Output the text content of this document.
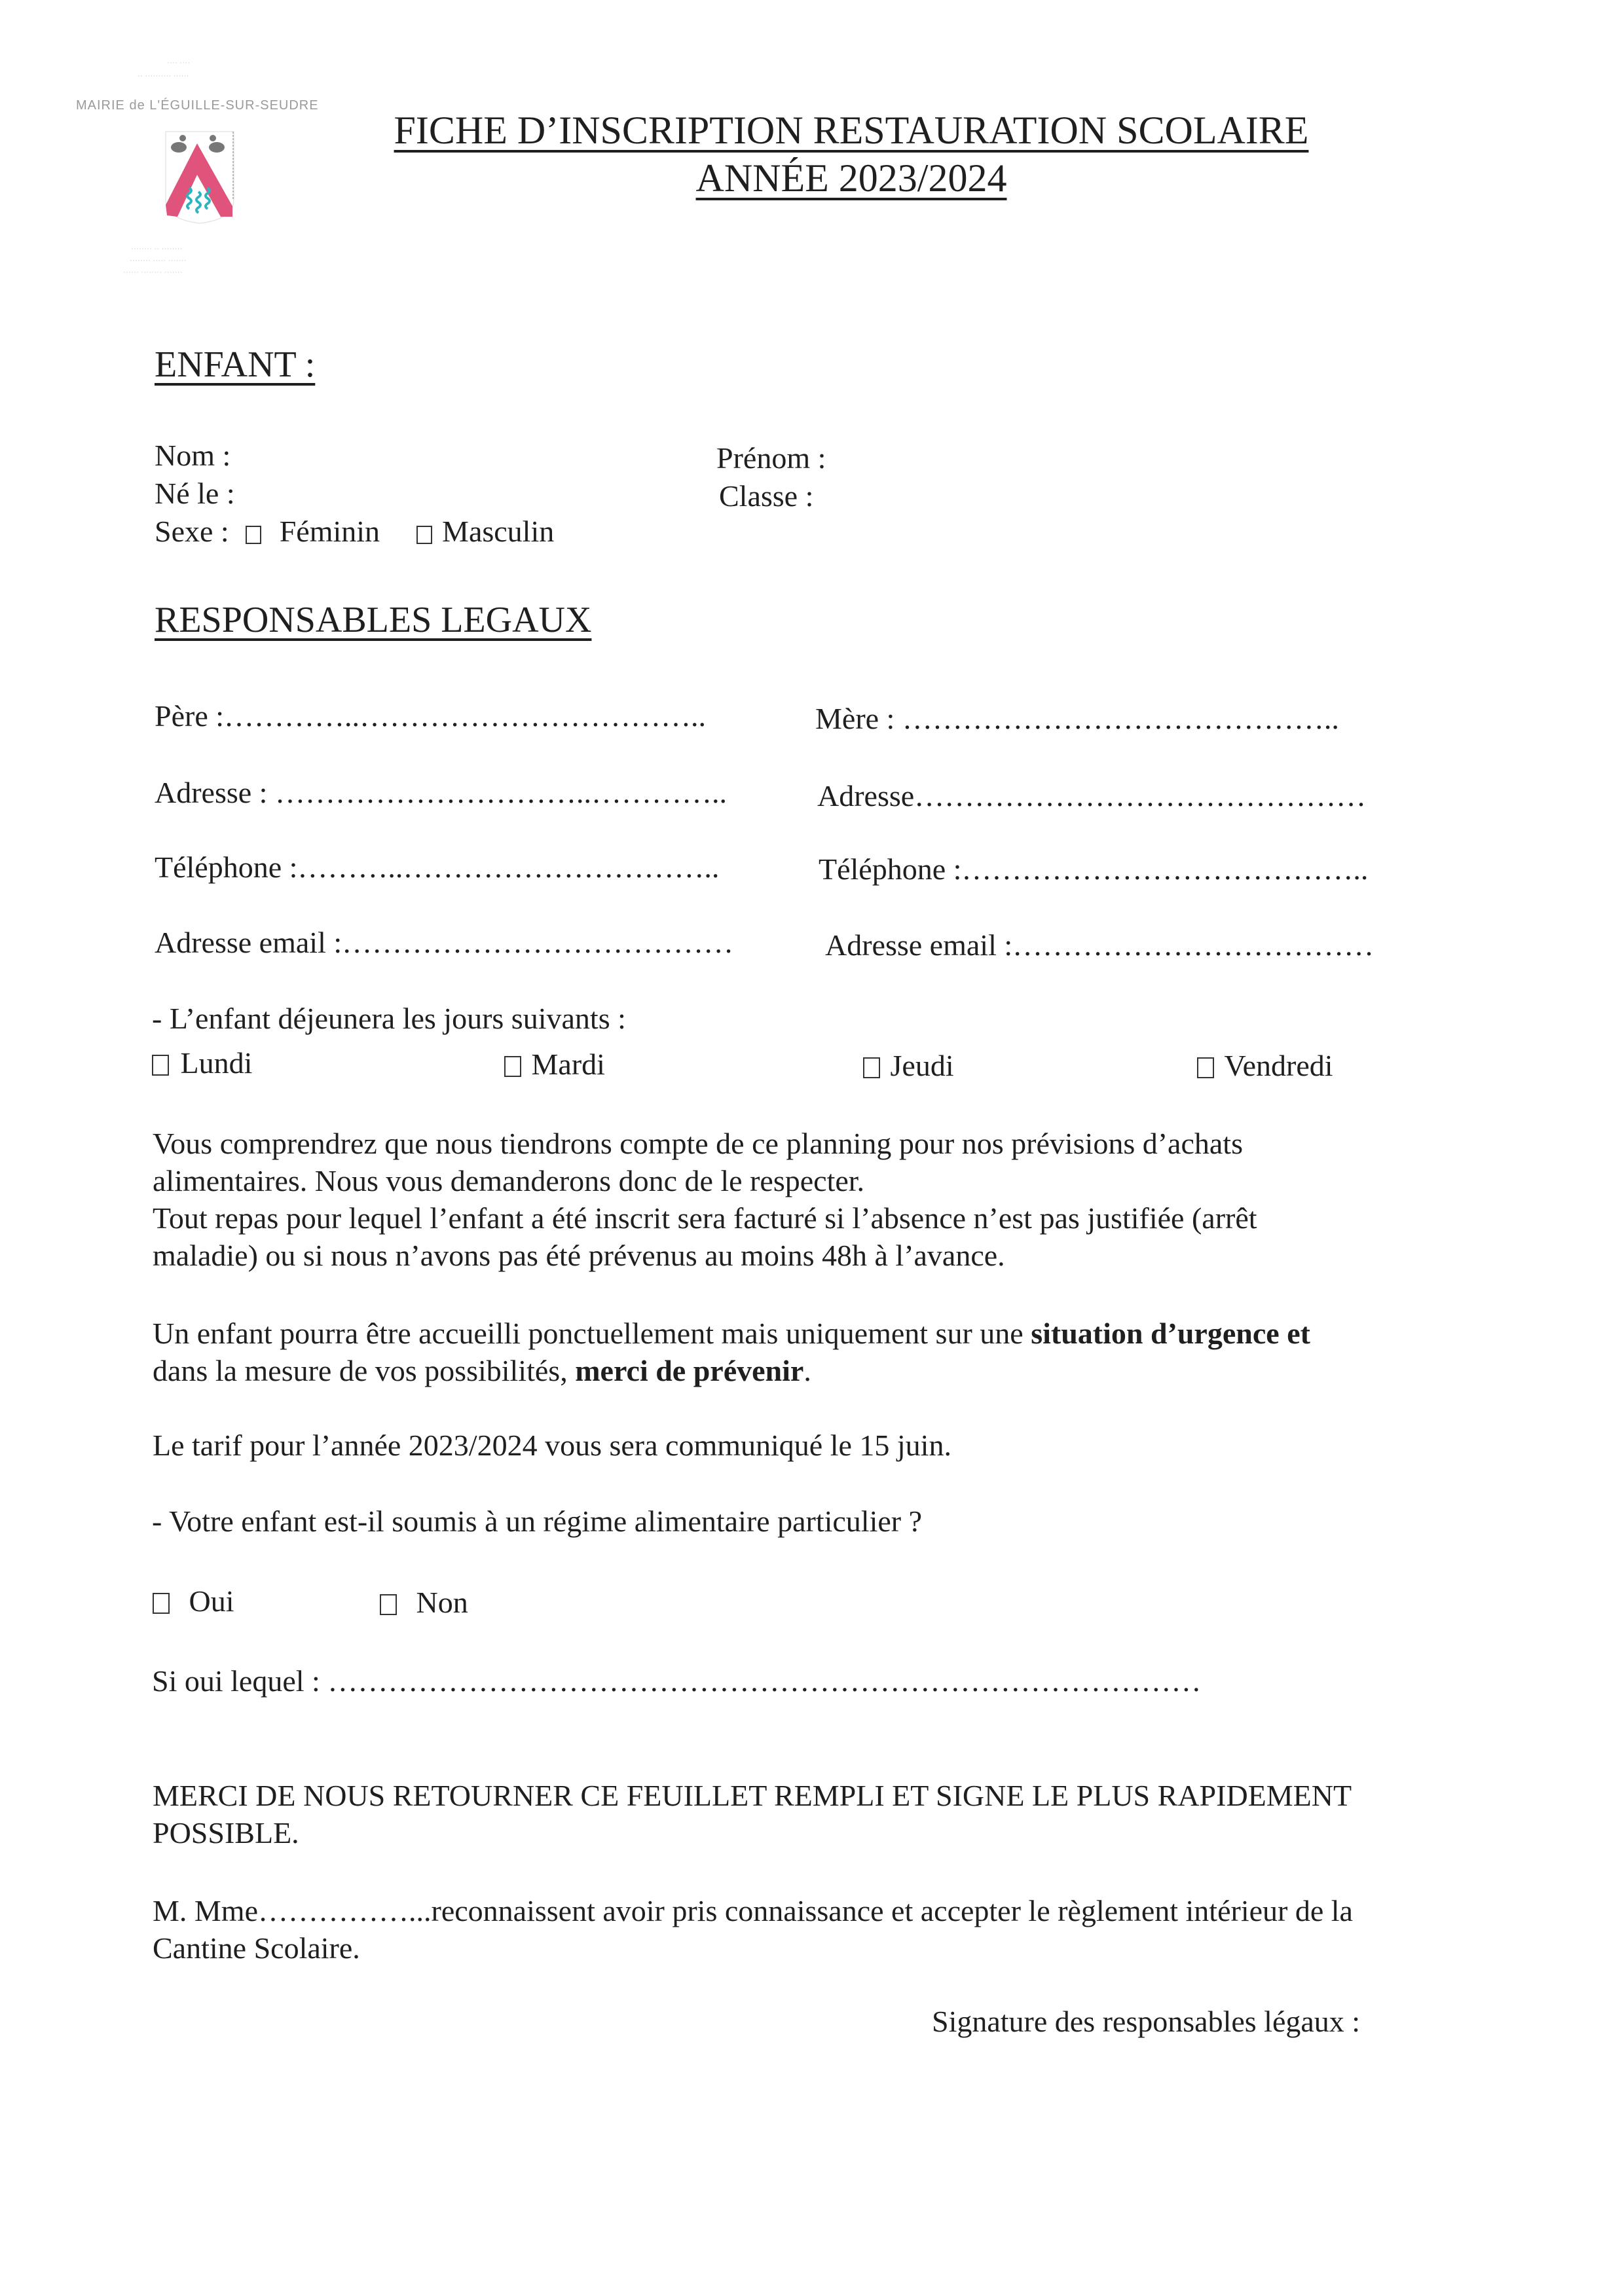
···· ····
·· ·········· ······
MAIRIE de L'ÉGUILLE-SUR-SEUDRE
········ ·· ········
········ ····· ·······
······ ········ ·······
FICHE D’INSCRIPTION RESTAURATION SCOLAIRE
ANNÉE 2023/2024
ENFANT :
Nom :	Prénom :
Né le :	Classe :
Sexe : Féminin Masculin
RESPONSABLES LEGAUX
Père :…………..……………………………..	Mère : ……………………………………..
Adresse : …………………………..…………..	Adresse………………………………………
Téléphone :………..…………………………..	Téléphone :…………………………………..
Adresse email :…………………………………	Adresse email :………………………………
- L’enfant déjeunera les jours suivants :
Lundi	Mardi	Jeudi	Vendredi
Vous comprendrez que nous tiendrons compte de ce planning pour nos prévisions d’achats
alimentaires. Nous vous demanderons donc de le respecter.
Tout repas pour lequel l’enfant a été inscrit sera facturé si l’absence n’est pas justifiée (arrêt
maladie) ou si nous n’avons pas été prévenus au moins 48h à l’avance.
Un enfant pourra être accueilli ponctuellement mais uniquement sur une situation d’urgence et
dans la mesure de vos possibilités, merci de prévenir.
Le tarif pour l’année 2023/2024 vous sera communiqué le 15 juin.
- Votre enfant est-il soumis à un régime alimentaire particulier ?
Oui	Non
Si oui lequel : ……………………………………………………………………………
MERCI DE NOUS RETOURNER CE FEUILLET REMPLI ET SIGNE LE PLUS RAPIDEMENT
POSSIBLE.
M. Mme……………...reconnaissent avoir pris connaissance et accepter le règlement intérieur de la
Cantine Scolaire.
Signature des responsables légaux :
